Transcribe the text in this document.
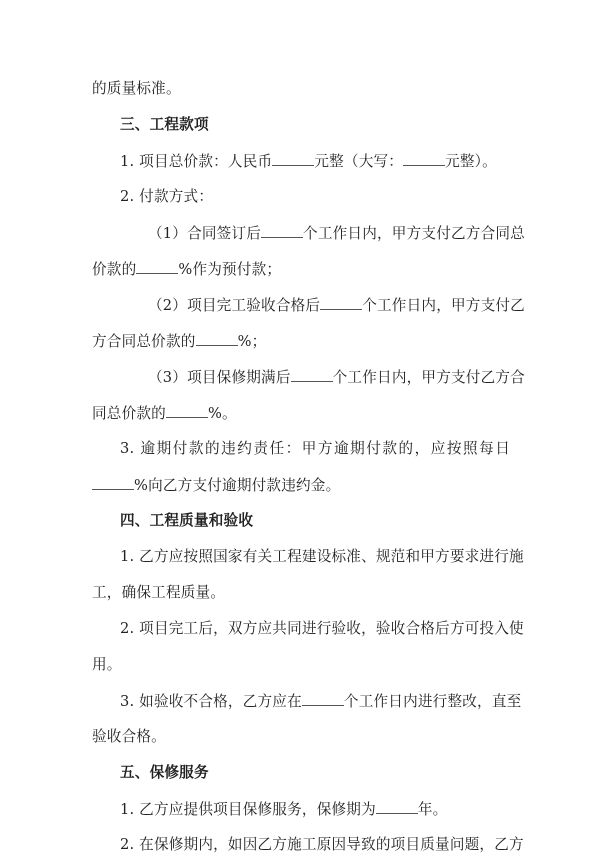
的质量标准。
三、工程款项
1. 项目总价款：人民币	元整（大写：	元整）。
2. 付款方式：
（1）合同签订后	个工作日内，甲方支付乙方合同总
价款的	%作为预付款；
（2）项目完工验收合格后	个工作日内，甲方支付乙
方合同总价款的	%；
（3）项目保修期满后	个工作日内，甲方支付乙方合
同总价款的	%。
3. 逾期付款的违约责任：甲方逾期付款的，应按照每日
%向乙方支付逾期付款违约金。
四、工程质量和验收
1. 乙方应按照国家有关工程建设标准、规范和甲方要求进行施
工，确保工程质量。
2. 项目完工后，双方应共同进行验收，验收合格后方可投入使
用。
3. 如验收不合格，乙方应在	个工作日内进行整改，直至
验收合格。
五、保修服务
1. 乙方应提供项目保修服务，保修期为	年。
2. 在保修期内，如因乙方施工原因导致的项目质量问题，乙方
